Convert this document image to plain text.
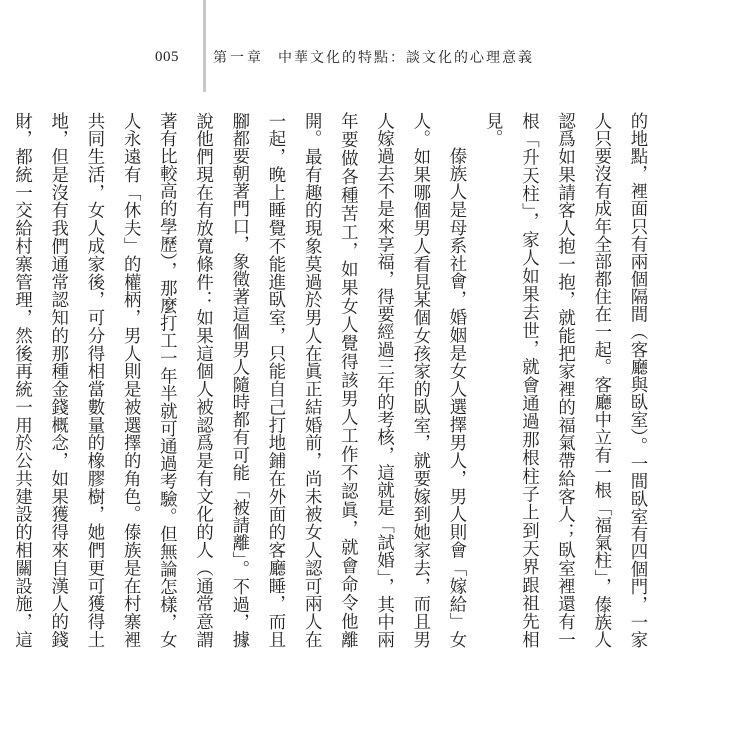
005	第一章 中華文化的特點：談文化的心理意義

的地點，裡面只有兩個隔間（客廳與臥室）。一間臥室有四個門，一家人只要沒有成年全部都住在一起。客廳中立有一根「福氣柱」，傣族人認爲如果請客人抱一抱，就能把家裡的福氣帶給客人；臥室裡還有一根「升天柱」，家人如果去世，就會通過那根柱子上到天界跟祖先相見。

傣族人是母系社會，婚姻是女人選擇男人，男人則會「嫁給」女人。如果哪個男人看見某個女孩家的臥室，就要嫁到她家去，而且男人嫁過去不是來享福，得要經過三年的考核，這就是「試婚」，其中兩年要做各種苦工，如果女人覺得該男人工作不認眞，就會命令他離開。最有趣的現象莫過於男人在眞正結婚前，尚未被女人認可兩人在一起，晚上睡覺不能進臥室，只能自己打地鋪在外面的客廳睡，而且腳都要朝著門口，象徵著這個男人隨時都有可能「被請離」。不過，據說他們現在有放寬條件：如果這個人被認爲是有文化的人（通常意謂著有比較高的學歷），那麼打工一年半就可通過考驗。但無論怎樣，女人永遠有「休夫」的權柄，男人則是被選擇的角色。傣族是在村寨裡共同生活，女人成家後，可分得相當數量的橡膠樹，她們更可獲得土地，但是沒有我們通常認知的那種金錢概念，如果獲得來自漢人的錢財，都統一交給村寨管理，然後再統一用於公共建設的相關設施，這
